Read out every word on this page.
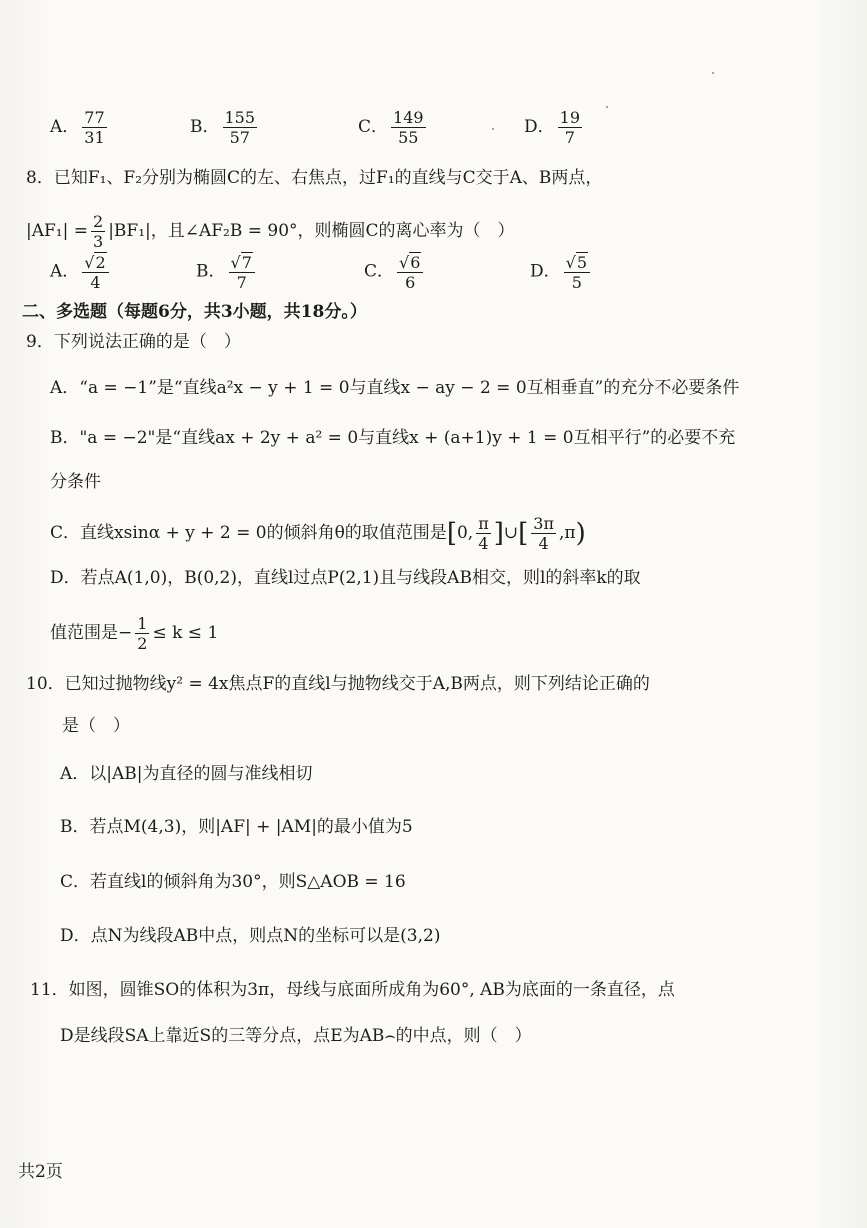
A． $\frac{77}{31}$	B． $\frac{155}{57}$	C． $\frac{149}{55}$	D． $\frac{19}{7}$
8．已知F₁、F₂分别为椭圆C的左、右焦点，过F₁的直线与C交于A、B两点，
$|AF_1| = \frac{2}{3} |BF_1|$，且∠AF₂B = 90°，则椭圆C的离心率为（　）
A． $\frac{√2}{4}$	B． $\frac{√7}{7}$	C． $\frac{√6}{6}$	D． $\frac{√5}{5}$
二、多选题（每题6分，共3小题，共18分。）
9．下列说法正确的是（　）
A．“a = −1”是“直线a²x − y + 1 = 0与直线x − ay − 2 = 0互相垂直”的充分不必要条件
B．"a = −2"是“直线ax + 2y + a² = 0与直线x + (a+1)y + 1 = 0互相平行”的必要不充
分条件
C．直线xsinα + y + 2 = 0的倾斜角θ的取值范围是[0, $\frac{\pi}{4}$ ]∪[ $\frac{3\pi}{4} ,\pi$)
D．若点A(1,0)，B(0,2)，直线l过点P(2,1)且与线段AB相交，则l的斜率k的取
值范围是− $\frac{1}{2} \le k \le 1$
10．已知过抛物线y² = 4x焦点F的直线l与抛物线交于A,B两点，则下列结论正确的
是（　）
A．以|AB|为直径的圆与准线相切
B．若点M(4,3)，则|AF| + |AM|的最小值为5
C．若直线l的倾斜角为30°，则S△AOB = 16
D．点N为线段AB中点，则点N的坐标可以是(3,2)
11．如图，圆锥SO的体积为3π，母线与底面所成角为60°, AB为底面的一条直径，点
D是线段SA上靠近S的三等分点，点E为AB⌢的中点，则（　）
共2页
